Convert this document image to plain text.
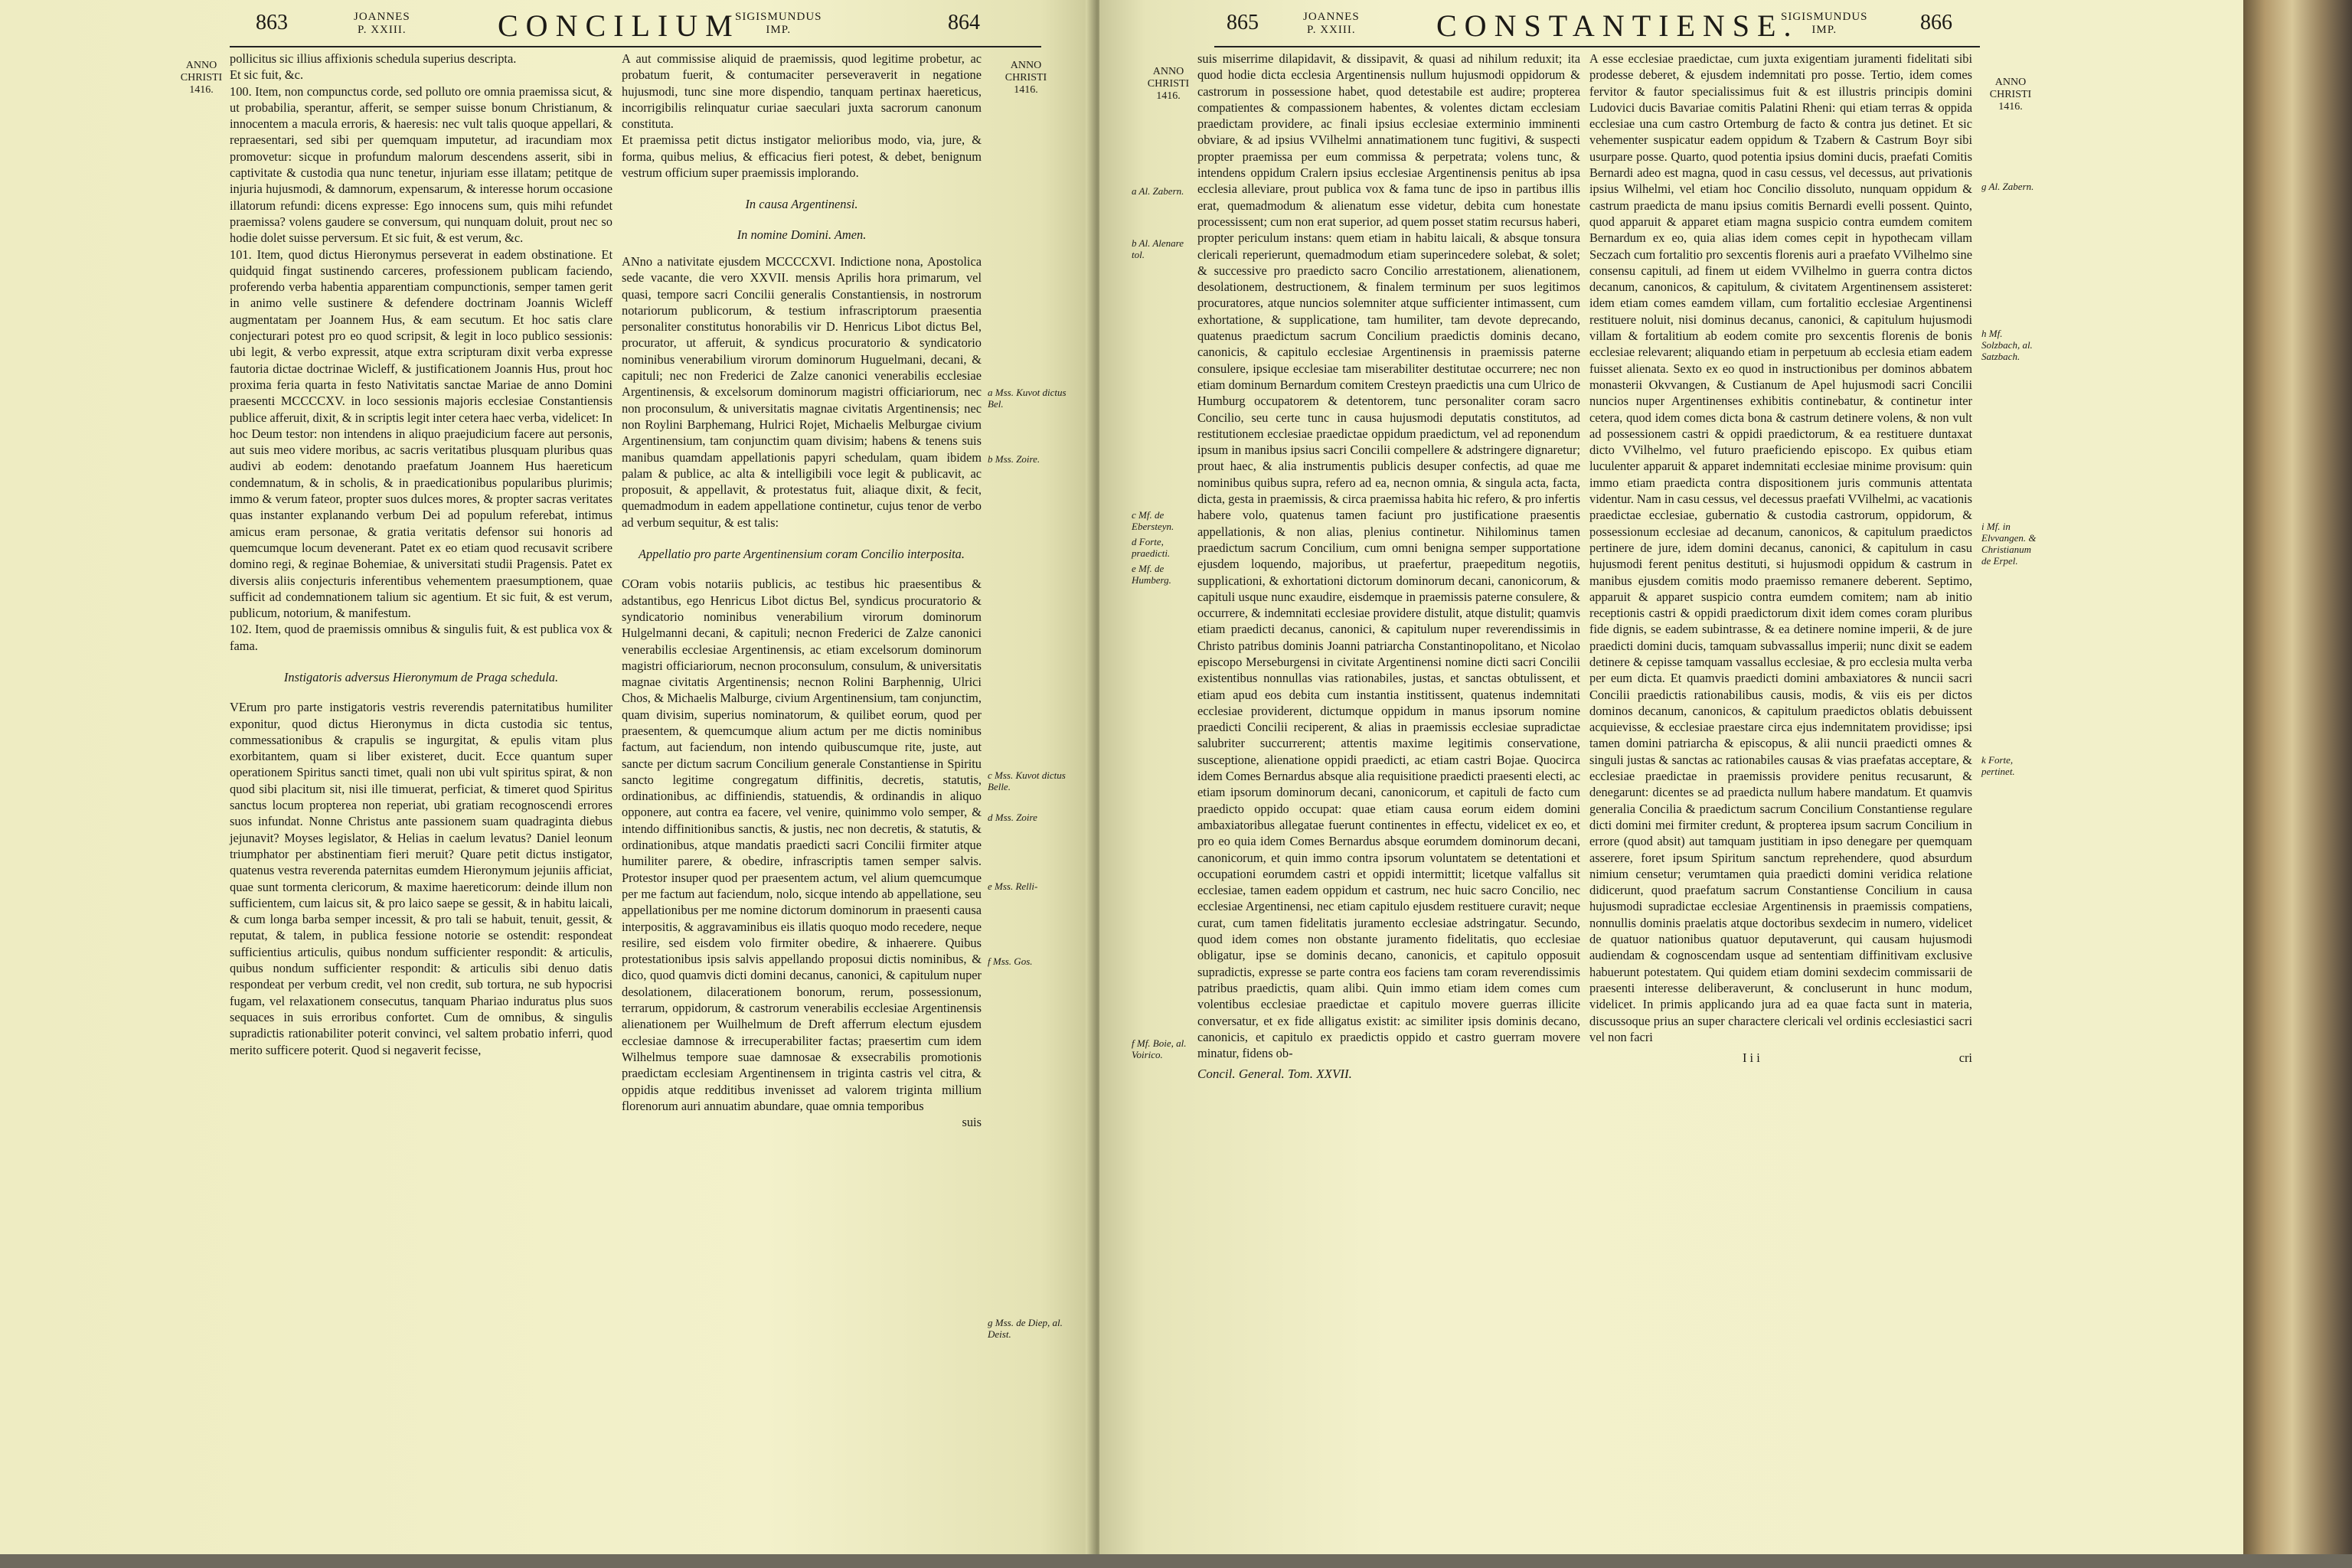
863	JOANNES
P. XXIII.	CONCILIUM
SIGISMUNDUS
IMP.	864
ANNO CHRISTI
1416.
ANNO CHRISTI
1416.

pollicitus sic illius affixionis schedula superius descripta.

Et sic fuit, &c.

100. Item, non compunctus corde, sed polluto ore omnia praemissa sicut, & ut probabilia, sperantur, afferit, se semper suisse bonum Christianum, & innocentem a macula erroris, & haeresis: nec vult talis quoque appellari, & repraesentari, sed sibi per quemquam imputetur, ad iracundiam mox promovetur: sicque in profundum malorum descendens asserit, sibi in captivitate & custodia qua nunc tenetur, injuriam esse illatam; petitque de injuria hujusmodi, & damnorum, expensarum, & interesse horum occasione illatorum refundi: dicens expresse: Ego innocens sum, quis mihi refundet praemissa? volens gaudere se conversum, qui nunquam doluit, prout nec so hodie dolet suisse perversum. Et sic fuit, & est verum, &c.

101. Item, quod dictus Hieronymus perseverat in eadem obstinatione. Et quidquid fingat sustinendo carceres, professionem publicam faciendo, proferendo verba habentia apparentiam compunctionis, semper tamen gerit in animo velle sustinere & defendere doctrinam Joannis Wicleff augmentatam per Joannem Hus, & eam secutum. Et hoc satis clare conjecturari potest pro eo quod scripsit, & legit in loco publico sessionis: ubi legit, & verbo expressit, atque extra scripturam dixit verba expresse fautoria dictae doctrinae Wicleff, & justificationem Joannis Hus, prout hoc proxima feria quarta in festo Nativitatis sanctae Mariae de anno Domini praesenti MCCCCXV. in loco sessionis majoris ecclesiae Constantiensis publice afferuit, dixit, & in scriptis legit inter cetera haec verba, videlicet: In hoc Deum testor: non intendens in aliquo praejudicium facere aut personis, aut suis meo videre moribus, ac sacris veritatibus plusquam pluribus quas audivi ab eodem: denotando praefatum Joannem Hus haereticum condemnatum, & in scholis, & in praedicationibus popularibus plurimis; immo & verum fateor, propter suos dulces mores, & propter sacras veritates quas instanter explanando verbum Dei ad populum referebat, intimus amicus eram personae, & gratia veritatis defensor sui honoris ad quemcumque locum devenerant. Patet ex eo etiam quod recusavit scribere domino regi, & reginae Bohemiae, & universitati studii Pragensis. Patet ex diversis aliis conjecturis inferentibus vehementem praesumptionem, quae sufficit ad condemnationem talium sic agentium. Et sic fuit, & est verum, publicum, notorium, & manifestum.

102. Item, quod de praemissis omnibus & singulis fuit, & est publica vox & fama.

Instigatoris adversus Hieronymum de Praga schedula.

VErum pro parte instigatoris vestris reverendis paternitatibus humiliter exponitur, quod dictus Hieronymus in dicta custodia sic tentus, commessationibus & crapulis se ingurgitat, & epulis vitam plus exorbitantem, quam si liber existeret, ducit. Ecce quantum super operationem Spiritus sancti timet, quali non ubi vult spiritus spirat, & non quod sibi placitum sit, nisi ille timuerat, perficiat, & timeret quod Spiritus sanctus locum propterea non reperiat, ubi gratiam recognoscendi errores suos infundat. Nonne Christus ante passionem suam quadraginta diebus jejunavit? Moyses legislator, & Helias in caelum levatus? Daniel leonum triumphator per abstinentiam fieri meruit? Quare petit dictus instigator, quatenus vestra reverenda paternitas eumdem Hieronymum jejuniis afficiat, quae sunt tormenta clericorum, & maxime haereticorum: deinde illum non sufficientem, cum laicus sit, & pro laico saepe se gessit, & in habitu laicali, & cum longa barba semper incessit, & pro tali se habuit, tenuit, gessit, & reputat, & talem, in publica fessione notorie se ostendit: respondeat sufficientius articulis, quibus nondum sufficienter respondit: & articulis, quibus nondum sufficienter respondit: & articulis sibi denuo datis respondeat per verbum credit, vel non credit, sub tortura, ne sub hypocrisi fugam, vel relaxationem consecutus, tanquam Phariao induratus plus suos sequaces in suis erroribus confortet. Cum de omnibus, & singulis supradictis rationabiliter poterit convinci, vel saltem probatio inferri, quod merito sufficere poterit. Quod si negaverit fecisse,

A aut commissise aliquid de praemissis, quod legitime probetur, ac probatum fuerit, & contumaciter perseveraverit in negatione hujusmodi, tunc sine more dispendio, tanquam pertinax haereticus, incorrigibilis relinquatur curiae saeculari juxta sacrorum canonum constituta.

Et praemissa petit dictus instigator melioribus modo, via, jure, & forma, quibus melius, & efficacius fieri potest, & debet, benignum vestrum officium super praemissis implorando.

In causa Argentinensi.

In nomine Domini. Amen.

ANno a nativitate ejusdem MCCCCXVI. Indictione nona, Apostolica sede vacante, die vero XXVII. mensis Aprilis hora primarum, vel quasi, tempore sacri Concilii generalis Constantiensis, in nostrorum notariorum publicorum, & testium infrascriptorum praesentia personaliter constitutus honorabilis vir D. Henricus Libot dictus Bel, procurator, ut afferuit, & syndicus procuratorio & syndicatorio nominibus venerabilium virorum dominorum Huguelmani, decani, & capituli; nec non Frederici de Zalze canonici venerabilis ecclesiae Argentinensis, & excelsorum dominorum magistri officiariorum, nec non proconsulum, & universitatis magnae civitatis Argentinensis; nec non Roylini Barphemang, Hulrici Rojet, Michaelis Melburgae civium Argentinensium, tam conjunctim quam divisim; habens & tenens suis manibus quamdam appellationis papyri schedulam, quam ibidem palam & publice, ac alta & intelligibili voce legit & publicavit, ac proposuit, & appellavit, & protestatus fuit, aliaque dixit, & fecit, quemadmodum in eadem appellatione continetur, cujus tenor de verbo ad verbum sequitur, & est talis:

Appellatio pro parte Argentinensium coram Concilio interposita.

COram vobis notariis publicis, ac testibus hic praesentibus & adstantibus, ego Henricus Libot dictus Bel, syndicus procuratorio & syndicatorio nominibus venerabilium virorum dominorum Hulgelmanni decani, & capituli; necnon Frederici de Zalze canonici venerabilis ecclesiae Argentinensis, ac etiam excelsorum dominorum magistri officiariorum, necnon proconsulum, consulum, & universitatis magnae civitatis Argentinensis; necnon Rolini Barphennig, Ulrici Chos, & Michaelis Malburge, civium Argentinensium, tam conjunctim, quam divisim, superius nominatorum, & quilibet eorum, quod per praesentem, & quemcumque alium actum per me dictis nominibus factum, aut faciendum, non intendo quibuscumque rite, juste, aut sancte per dictum sacrum Concilium generale Constantiense in Spiritu sancto legitime congregatum diffinitis, decretis, statutis, ordinationibus, ac diffiniendis, statuendis, & ordinandis in aliquo opponere, aut contra ea facere, vel venire, quinimmo volo semper, & intendo diffinitionibus sanctis, & justis, nec non decretis, & statutis, & ordinationibus, atque mandatis praedicti sacri Concilii firmiter atque humiliter parere, & obedire, infrascriptis tamen semper salvis. Protestor insuper quod per praesentem actum, vel alium quemcumque per me factum aut faciendum, nolo, sicque intendo ab appellatione, seu appellationibus per me nomine dictorum dominorum in praesenti causa interpositis, & aggravaminibus eis illatis quoquo modo recedere, neque resilire, sed eisdem volo firmiter obedire, & inhaerere. Quibus protestationibus ipsis salvis appellando proposui dictis nominibus, & dico, quod quamvis dicti domini decanus, canonici, & capitulum nuper desolationem, dilacerationem bonorum, rerum, possessionum, terrarum, oppidorum, & castrorum venerabilis ecclesiae Argentinensis alienationem per Wuilhelmum de Dreft afferrum electum ejusdem ecclesiae damnose & irrecuperabiliter factas; praesertim cum idem Wilhelmus tempore suae damnosae & exsecrabilis promotionis praedictam ecclesiam Argentinensem in triginta castris vel citra, & oppidis atque redditibus invenisset ad valorem triginta millium florenorum auri annuatim abundare, quae omnia temporibus

suis

a Mss. Kuvot dictus Bel.
b Mss. Zoire.
c Mss. Kuvot dictus Belle.
d Mss. Zoire
e Mss. Relli-
f Mss. Gos.
g Mss. de Diep, al. Deist.
865	JOANNES
P. XXIII.	CONSTANTIENSE.
SIGISMUNDUS
IMP.	866
ANNO CHRISTI
1416.
ANNO CHRISTI
1416.
a Al. Zabern.
b Al. Alenare tol.
c Mf. de Ebersteyn.
d Forte, praedicti.
e Mf. de Humberg.
f Mf. Boie, al. Voirico.

suis miserrime dilapidavit, & dissipavit, & quasi ad nihilum reduxit; ita quod hodie dicta ecclesia Argentinensis nullum hujusmodi oppidorum & castrorum in possessione habet, quod detestabile est audire; propterea compatientes & compassionem habentes, & volentes dictam ecclesiam praedictam providere, ac finali ipsius ecclesiae exterminio imminenti obviare, & ad ipsius VVilhelmi annatimationem tunc fugitivi, & suspecti propter praemissa per eum commissa & perpetrata; volens tunc, & intendens oppidum Cralern ipsius ecclesiae Argentinensis penitus ab ipsa ecclesia alleviare, prout publica vox & fama tunc de ipso in partibus illis erat, quemadmodum & alienatum esse videtur, debita cum honestate processissent; cum non erat superior, ad quem posset statim recursus haberi, propter periculum instans: quem etiam in habitu laicali, & absque tonsura clericali reperierunt, quemadmodum etiam superincedere solebat, & solet; & successive pro praedicto sacro Concilio arrestationem, alienationem, desolationem, destructionem, & finalem terminum per suos legitimos procuratores, atque nuncios solemniter atque sufficienter intimassent, cum exhortatione, & supplicatione, tam humiliter, tam devote deprecando, quatenus praedictum sacrum Concilium praedictis dominis decano, canonicis, & capitulo ecclesiae Argentinensis in praemissis paterne consulere, ipsique ecclesiae tam miserabiliter destitutae occurrere; nec non etiam dominum Bernardum comitem Cresteyn praedictis una cum Ulrico de Humburg occupatorem & detentorem, tunc personaliter coram sacro Concilio, seu certe tunc in causa hujusmodi deputatis constitutos, ad restitutionem ecclesiae praedictae oppidum praedictum, vel ad reponendum ipsum in manibus ipsius sacri Concilii compellere & adstringere dignaretur; prout haec, & alia instrumentis publicis desuper confectis, ad quae me nominibus quibus supra, refero ad ea, necnon omnia, & singula acta, facta, dicta, gesta in praemissis, & circa praemissa habita hic refero, & pro infertis habere volo, quatenus tamen faciunt pro justificatione praesentis appellationis, & non alias, plenius continetur. Nihilominus tamen praedictum sacrum Concilium, cum omni benigna semper supportatione ejusdem loquendo, majoribus, ut praefertur, praepeditum negotiis, supplicationi, & exhortationi dictorum dominorum decani, canonicorum, & capituli usque nunc exaudire, eisdemque in praemissis paterne consulere, & occurrere, & indemnitati ecclesiae providere distulit, atque distulit; quamvis etiam praedicti decanus, canonici, & capitulum nuper reverendissimis in Christo patribus dominis Joanni patriarcha Constantinopolitano, et Nicolao episcopo Merseburgensi in civitate Argentinensi nomine dicti sacri Concilii existentibus nonnullas vias rationabiles, justas, et sanctas obtulissent, et etiam apud eos debita cum instantia institissent, quatenus indemnitati ecclesiae providerent, dictumque oppidum in manus ipsorum nomine praedicti Concilii reciperent, & alias in praemissis ecclesiae supradictae salubriter succurrerent; attentis maxime legitimis conservatione, susceptione, alienatione oppidi praedicti, ac etiam castri Bojae. Quocirca idem Comes Bernardus absque alia requisitione praedicti praesenti electi, ac etiam ipsorum dominorum decani, canonicorum, et capituli de facto cum praedicto oppido occupat: quae etiam causa eorum eidem domini ambaxiatoribus allegatae fuerunt continentes in effectu, videlicet ex eo, et pro eo quia idem Comes Bernardus absque eorumdem dominorum decani, canonicorum, et quin immo contra ipsorum voluntatem se detentationi et occupationi eorumdem castri et oppidi intermittit; licetque valfallus sit ecclesiae, tamen eadem oppidum et castrum, nec huic sacro Concilio, nec ecclesiae Argentinensi, nec etiam capitulo ejusdem restituere curavit; neque curat, cum tamen fidelitatis juramento ecclesiae adstringatur. Secundo, quod idem comes non obstante juramento fidelitatis, quo ecclesiae obligatur, ipse se dominis decano, canonicis, et capitulo opposuit supradictis, expresse se parte contra eos faciens tam coram reverendissimis patribus praedictis, quam alibi. Quin immo etiam idem comes cum volentibus ecclesiae praedictae et capitulo movere guerras illicite conversatur, et ex fide alligatus existit: ac similiter ipsis dominis decano, canonicis, et capitulo ex praedictis oppido et castro guerram movere minatur, fidens ob-

Concil. General. Tom. XXVII.

A esse ecclesiae praedictae, cum juxta exigentiam juramenti fidelitati sibi prodesse deberet, & ejusdem indemnitati pro posse. Tertio, idem comes fervitor & fautor specialissimus fuit & est illustris principis domini Ludovici ducis Bavariae comitis Palatini Rheni: qui etiam terras & oppida ecclesiae una cum castro Ortemburg de facto & contra jus detinet. Et sic vehementer suspicatur eadem oppidum & Tzabern & Castrum Boyr sibi usurpare posse. Quarto, quod potentia ipsius domini ducis, praefati Comitis Bernardi adeo est magna, quod in casu cessus, vel decessus, aut privationis ipsius Wilhelmi, vel etiam hoc Concilio dissoluto, nunquam oppidum & castrum praedicta de manu ipsius comitis Bernardi evelli possent. Quinto, quod apparuit & apparet etiam magna suspicio contra eumdem comitem Bernardum ex eo, quia alias idem comes cepit in hypothecam villam Seczach cum fortalitio pro sexcentis florenis auri a praefato VVilhelmo sine consensu capituli, ad finem ut eidem VVilhelmo in guerra contra dictos decanum, canonicos, & capitulum, & civitatem Argentinensem assisteret: idem etiam comes eamdem villam, cum fortalitio ecclesiae Argentinensi restituere noluit, nisi dominus decanus, canonici, & capitulum hujusmodi villam & fortalitium ab eodem comite pro sexcentis florenis de bonis ecclesiae relevarent; aliquando etiam in perpetuum ab ecclesia etiam eadem fuisset alienata. Sexto ex eo quod in instructionibus per dominos abbatem monasterii Okvvangen, & Custianum de Apel hujusmodi sacri Concilii nuncios nuper Argentinenses exhibitis continebatur, & continetur inter cetera, quod idem comes dicta bona & castrum detinere volens, & non vult ad possessionem castri & oppidi praedictorum, & ea restituere duntaxat dicto VVilhelmo, vel futuro praeficiendo episcopo. Ex quibus etiam luculenter apparuit & apparet indemnitati ecclesiae minime provisum: quin immo etiam praedicta contra dispositionem juris communis attentata videntur. Nam in casu cessus, vel decessus praefati VVilhelmi, ac vacationis praedictae ecclesiae, gubernatio & custodia castrorum, oppidorum, & possessionum ecclesiae ad decanum, canonicos, & capitulum praedictos pertinere de jure, idem domini decanus, canonici, & capitulum in casu hujusmodi ferent penitus destituti, si hujusmodi oppidum & castrum in manibus ejusdem comitis modo praemisso remanere deberent. Septimo, apparuit & apparet suspicio contra eumdem comitem; nam ab initio receptionis castri & oppidi praedictorum dixit idem comes coram pluribus fide dignis, se eadem subintrasse, & ea detinere nomine imperii, & de jure praedicti domini ducis, tamquam subvassallus imperii; nunc dixit se eadem detinere & cepisse tamquam vassallus ecclesiae, & pro ecclesia multa verba per eum dicta. Et quamvis praedicti domini ambaxiatores & nuncii sacri Concilii praedictis rationabilibus causis, modis, & viis eis per dictos dominos decanum, canonicos, & capitulum praedictos oblatis debuissent acquievisse, & ecclesiae praestare circa ejus indemnitatem providisse; ipsi tamen domini patriarcha & episcopus, & alii nuncii praedicti omnes & singuli justas & sanctas ac rationabiles causas & vias praefatas acceptare, & ecclesiae praedictae in praemissis providere penitus recusarunt, & denegarunt: dicentes se ad praedicta nullum habere mandatum. Et quamvis generalia Concilia & praedictum sacrum Concilium Constantiense regulare dicti domini mei firmiter credunt, & propterea ipsum sacrum Concilium in errore (quod absit) aut tamquam justitiam in ipso denegare per quemquam asserere, foret ipsum Spiritum sanctum reprehendere, quod absurdum nimium censetur; verumtamen quia praedicti domini veridica relatione didicerunt, quod praefatum sacrum Constantiense Concilium in causa hujusmodi supradictae ecclesiae Argentinensis in praemissis compatiens, nonnullis dominis praelatis atque doctoribus sexdecim in numero, videlicet de quatuor nationibus quatuor deputaverunt, qui causam hujusmodi audiendam & cognoscendam usque ad sententiam diffinitivam exclusive habuerunt potestatem. Qui quidem etiam domini sexdecim commissarii de praesenti interesse deliberaverunt, & concluserunt in hunc modum, videlicet. In primis applicando jura ad ea quae facta sunt in materia, discussoque prius an super charactere clericali vel ordinis ecclesiastici sacri vel non facri

I i i	cri

g Al. Zabern.
h Mf. Solzbach, al. Satzbach.
i Mf. in Elvvangen. & Christianum de Erpel.
k Forte, pertinet.
